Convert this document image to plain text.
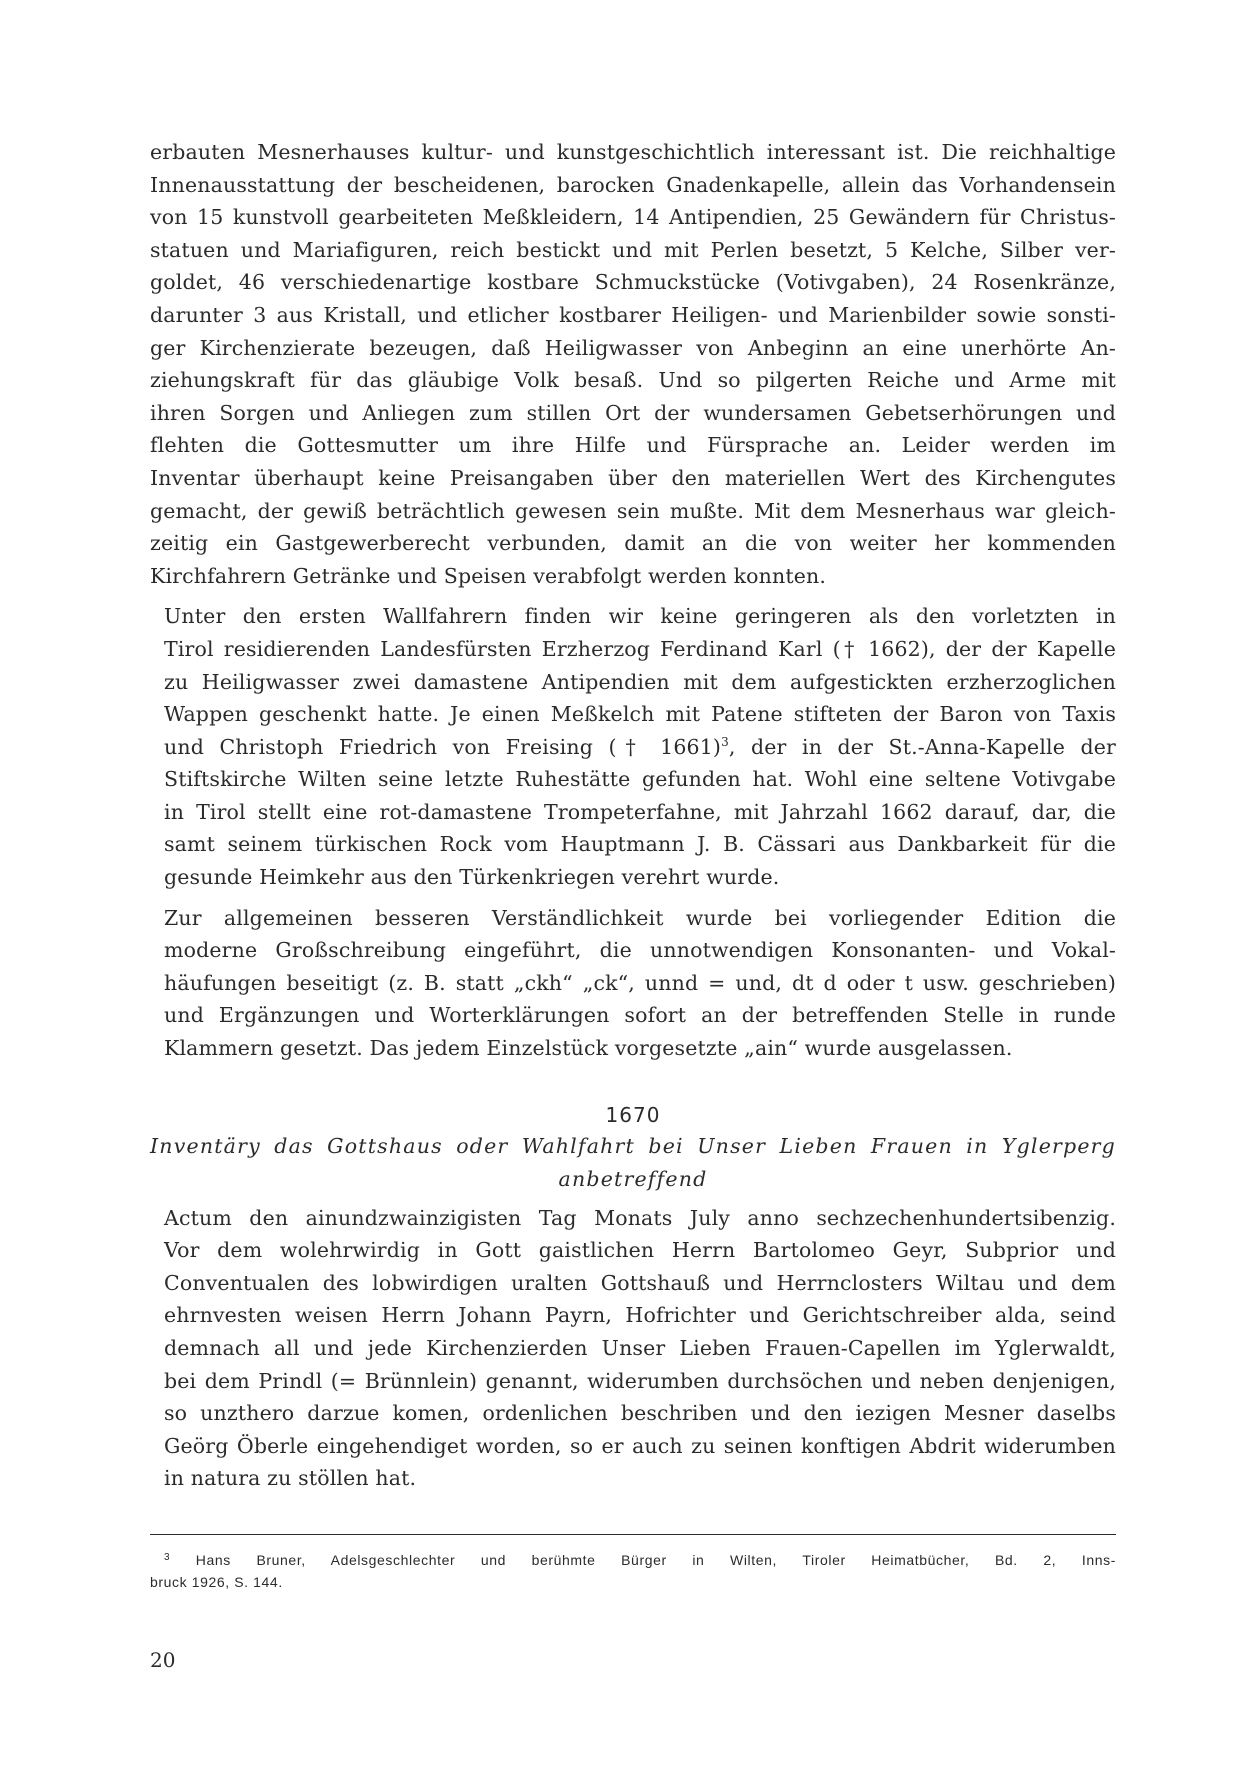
erbauten Mesnerhauses kultur- und kunstgeschichtlich interessant ist. Die reichhaltige
Innenausstattung der bescheidenen, barocken Gnadenkapelle, allein das Vorhandensein
von 15 kunstvoll gearbeiteten Meßkleidern, 14 Antipendien, 25 Gewändern für Christus-
statuen und Mariafiguren, reich bestickt und mit Perlen besetzt, 5 Kelche, Silber ver-
goldet, 46 verschiedenartige kostbare Schmuckstücke (Votivgaben), 24 Rosenkränze,
darunter 3 aus Kristall, und etlicher kostbarer Heiligen- und Marienbilder sowie sonsti-
ger Kirchenzierate bezeugen, daß Heiligwasser von Anbeginn an eine unerhörte An-
ziehungskraft für das gläubige Volk besaß. Und so pilgerten Reiche und Arme mit
ihren Sorgen und Anliegen zum stillen Ort der wundersamen Gebetserhörungen und
flehten die Gottesmutter um ihre Hilfe und Fürsprache an. Leider werden im
Inventar überhaupt keine Preisangaben über den materiellen Wert des Kirchengutes
gemacht, der gewiß beträchtlich gewesen sein mußte. Mit dem Mesnerhaus war gleich-
zeitig ein Gastgewerberecht verbunden, damit an die von weiter her kommenden
Kirchfahrern Getränke und Speisen verabfolgt werden konnten.

Unter den ersten Wallfahrern finden wir keine geringeren als den vorletzten in
Tirol residierenden Landesfürsten Erzherzog Ferdinand Karl († 1662), der der Kapelle
zu Heiligwasser zwei damastene Antipendien mit dem aufgestickten erzherzoglichen
Wappen geschenkt hatte. Je einen Meßkelch mit Patene stifteten der Baron von Taxis
und Christoph Friedrich von Freising († 1661)$^3$, der in der St.-Anna-Kapelle der
Stiftskirche Wilten seine letzte Ruhestätte gefunden hat. Wohl eine seltene Votivgabe
in Tirol stellt eine rot-damastene Trompeterfahne, mit Jahrzahl 1662 darauf, dar, die
samt seinem türkischen Rock vom Hauptmann J. B. Cässari aus Dankbarkeit für die
gesunde Heimkehr aus den Türkenkriegen verehrt wurde.

Zur allgemeinen besseren Verständlichkeit wurde bei vorliegender Edition die
moderne Großschreibung eingeführt, die unnotwendigen Konsonanten- und Vokal-
häufungen beseitigt (z. B. statt „ckh“ „ck“, unnd = und, dt d oder t usw. geschrieben)
und Ergänzungen und Worterklärungen sofort an der betreffenden Stelle in runde
Klammern gesetzt. Das jedem Einzelstück vorgesetzte „ain“ wurde ausgelassen.

1670
Inventäry das Gottshaus oder Wahlfahrt bei Unser Lieben Frauen in Yglerperg
anbetreffend

Actum den ainundzwainzigisten Tag Monats July anno sechzechenhundertsibenzig.
Vor dem wolehrwirdig in Gott gaistlichen Herrn Bartolomeo Geyr, Subprior und
Conventualen des lobwirdigen uralten Gottshauß und Herrnclosters Wiltau und dem
ehrnvesten weisen Herrn Johann Payrn, Hofrichter und Gerichtschreiber alda, seind
demnach all und jede Kirchenzierden Unser Lieben Frauen-Capellen im Yglerwaldt,
bei dem Prindl (= Brünnlein) genannt, widerumben durchsöchen und neben denjenigen,
so unzthero darzue komen, ordenlichen beschriben und den iezigen Mesner daselbs
Geörg Öberle eingehendiget worden, so er auch zu seinen konftigen Abdrit widerumben
in natura zu stöllen hat.

$^3$ Hans Bruner, Adelsgeschlechter und berühmte Bürger in Wilten, Tiroler Heimatbücher, Bd. 2, Inns-
bruck 1926, S. 144.
20
